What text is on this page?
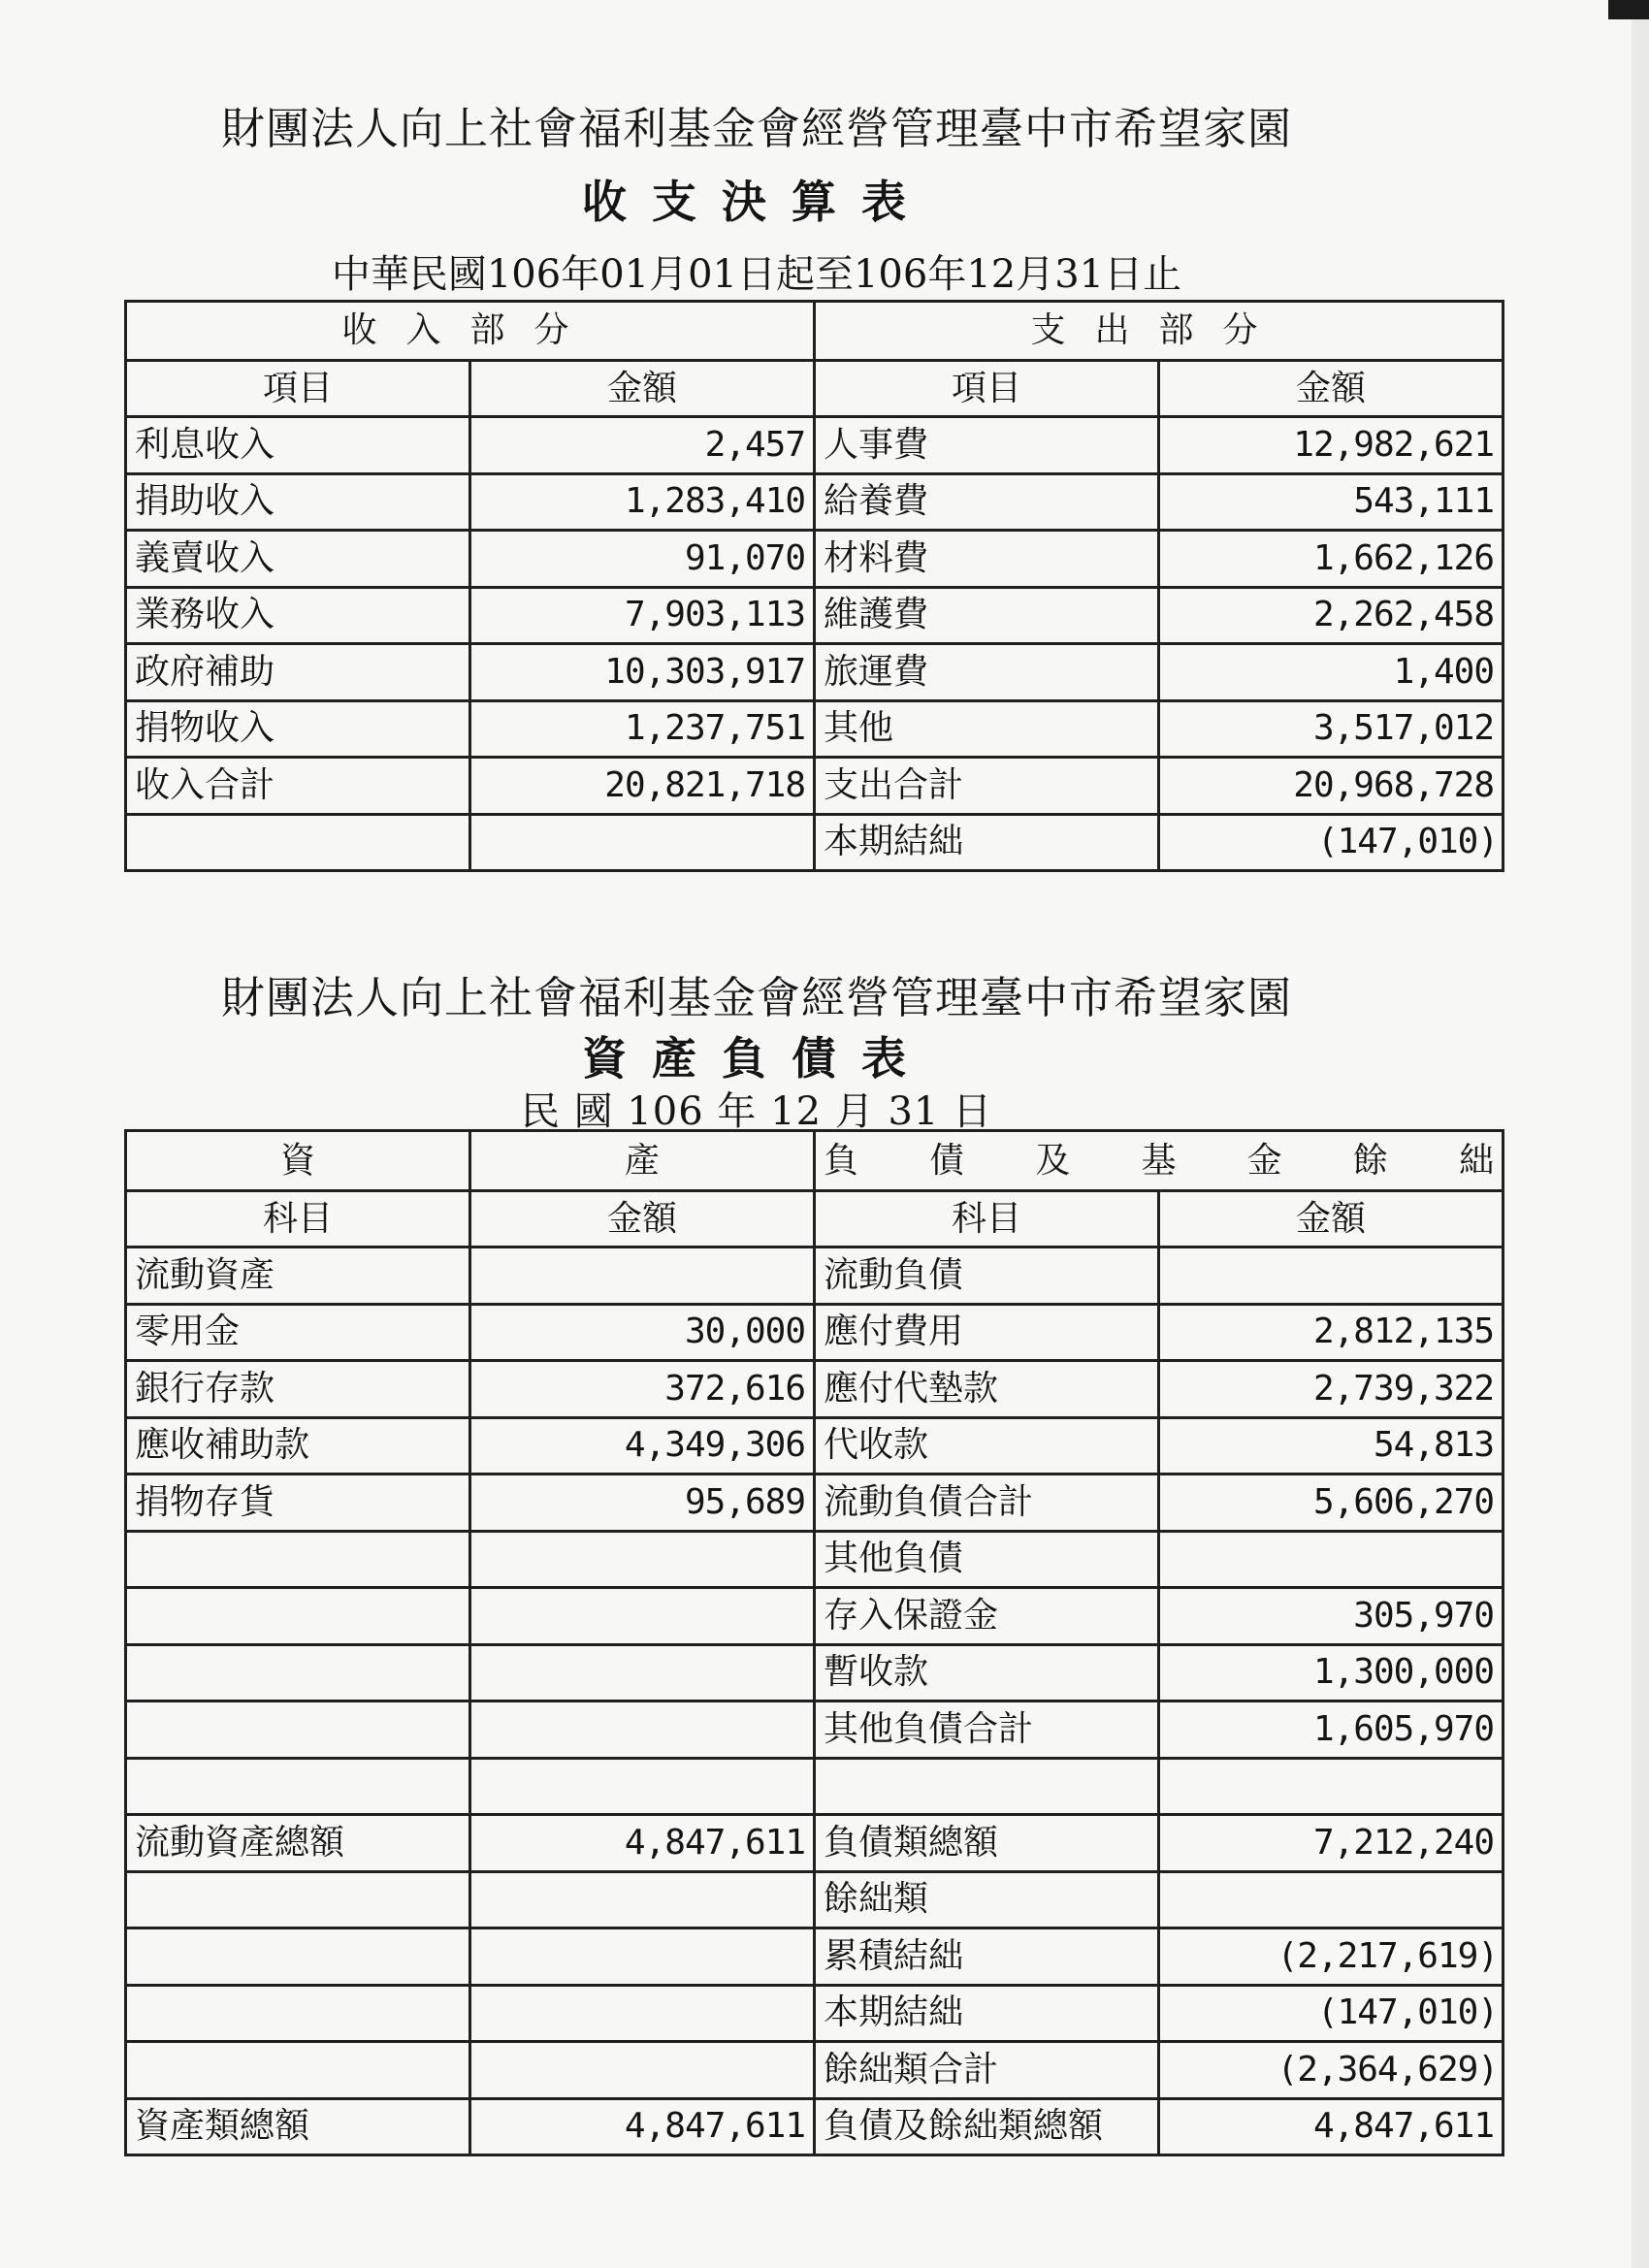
財團法人向上社會福利基金會經營管理臺中市希望家園
收支決算表
中華民國106年01月01日起至106年12月31日止
收入部分		支出部分	
項目	金額	項目	金額
利息收入	2,457	人事費	12,982,621
捐助收入	1,283,410	給養費	543,111
義賣收入	91,070	材料費	1,662,126
業務收入	7,903,113	維護費	2,262,458
政府補助	10,303,917	旅運費	1,400
捐物收入	1,237,751	其他	3,517,012
收入合計	20,821,718	支出合計	20,968,728
		本期結絀	(147,010)
財團法人向上社會福利基金會經營管理臺中市希望家園
資產負債表
民 國 106 年 12 月 31 日
資	產	負債及基金餘絀	
科目	金額	科目	金額
流動資產		流動負債	
零用金	30,000	應付費用	2,812,135
銀行存款	372,616	應付代墊款	2,739,322
應收補助款	4,349,306	代收款	54,813
捐物存貨	95,689	流動負債合計	5,606,270
		其他負債	
		存入保證金	305,970
		暫收款	1,300,000
		其他負債合計	1,605,970

流動資產總額	4,847,611	負債類總額	7,212,240
		餘絀類	
		累積結絀	(2,217,619)
		本期結絀	(147,010)
		餘絀類合計	(2,364,629)
資產類總額	4,847,611	負債及餘絀類總額	4,847,611
